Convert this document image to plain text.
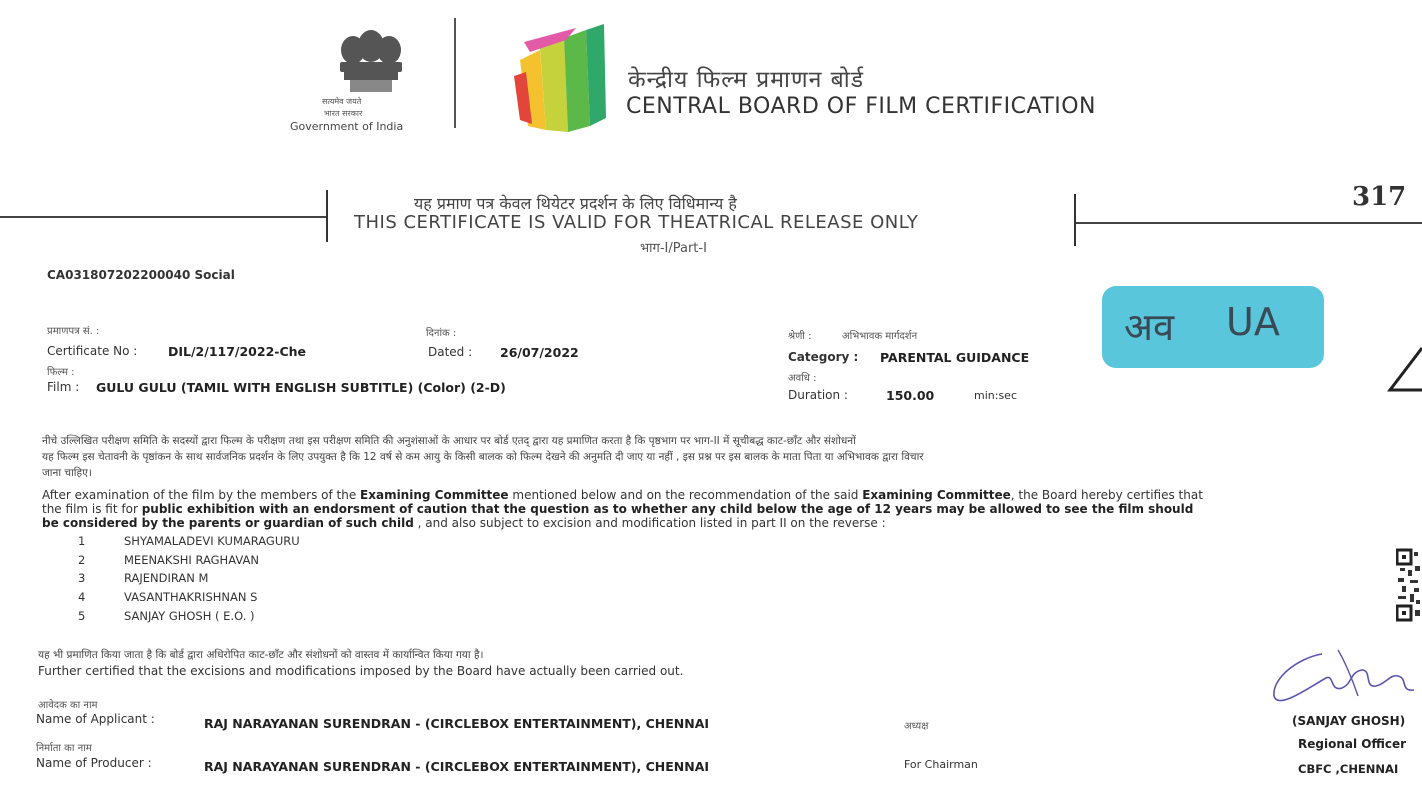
सत्यमेव जयते
भारत सरकार
Government of India
केन्द्रीय फिल्म प्रमाणन बोर्ड
CENTRAL BOARD OF FILM CERTIFICATION
यह प्रमाण पत्र केवल थियेटर प्रदर्शन के लिए विधिमान्य है
THIS CERTIFICATE IS VALID FOR THEATRICAL RELEASE ONLY
भाग-I/Part-I
317
CA031807202200040 Social
प्रमाणपत्र सं. :
Certificate No : DIL/2/117/2022-Che
दिनांक :
Dated : 26/07/2022
फिल्म :
Film : GULU GULU (TAMIL WITH ENGLISH SUBTITLE) (Color) (2-D)
श्रेणी :	अभिभावक मार्गदर्शन
Category : PARENTAL GUIDANCE
अवधि :
Duration :	150.00	min:sec
अव UA
नीचे उल्लिखित परीक्षण समिति के सदस्यों द्वारा फिल्म के परीक्षण तथा इस परीक्षण समिति की अनुशंसाओं के आधार पर बोर्ड एतद् द्वारा यह प्रमाणित करता है कि पृष्ठभाग पर भाग-II में सूचीबद्ध काट-छाँट और संशोधनों
यह फिल्म इस चेतावनी के पृष्ठांकन के साथ सार्वजनिक प्रदर्शन के लिए उपयुक्त है कि 12 वर्ष से कम आयु के किसी बालक को फिल्म देखने की अनुमति दी जाए या नहीं , इस प्रश्न पर इस बालक के माता पिता या अभिभावक द्वारा विचार
जाना चाहिए।
After examination of the film by the members of the Examining Committee mentioned below and on the recommendation of the said Examining Committee, the Board hereby certifies that
the film is fit for public exhibition with an endorsment of caution that the question as to whether any child below the age of 12 years may be allowed to see the film should
be considered by the parents or guardian of such child , and also subject to excision and modification listed in part II on the reverse :
1	SHYAMALADEVI KUMARAGURU
2	MEENAKSHI RAGHAVAN
3	RAJENDIRAN M
4	VASANTHAKRISHNAN S
5	SANJAY GHOSH ( E.O. )
यह भी प्रमाणित किया जाता है कि बोर्ड द्वारा अधिरोपित काट-छाँट और संशोधनों को वास्तव में कार्यान्वित किया गया है।
Further certified that the excisions and modifications imposed by the Board have actually been carried out.
आवेदक का नाम
Name of Applicant :	RAJ NARAYANAN SURENDRAN - (CIRCLEBOX ENTERTAINMENT), CHENNAI
निर्माता का नाम
Name of Producer :	RAJ NARAYANAN SURENDRAN - (CIRCLEBOX ENTERTAINMENT), CHENNAI
अध्यक्ष
For Chairman
(SANJAY GHOSH)
Regional Officer
CBFC ,CHENNAI
